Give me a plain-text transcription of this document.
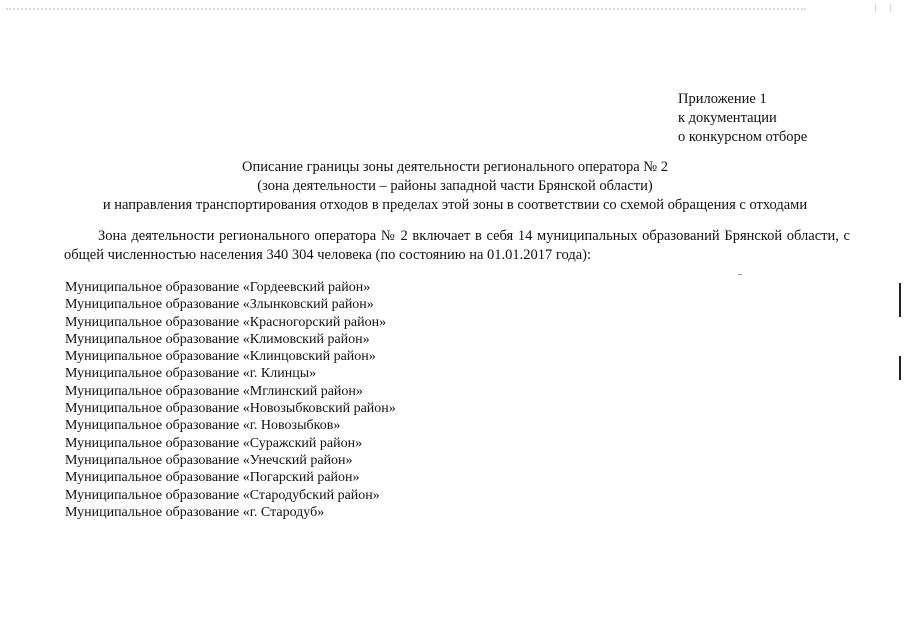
Приложение 1
к документации
о конкурсном отборе
Описание границы зоны деятельности регионального оператора № 2
(зона деятельности – районы западной части Брянской области)
и направления транспортирования отходов в пределах этой зоны в соответствии со схемой обращения с отходами

Зона деятельности регионального оператора № 2 включает в себя 14 муниципальных образований Брянской области, с общей численностью населения 340 304 человека (по состоянию на 01.01.2017 года):

Муниципальное образование «Гордеевский район»
Муниципальное образование «Злынковский район»
Муниципальное образование «Красногорский район»
Муниципальное образование «Климовский район»
Муниципальное образование «Клинцовский район»
Муниципальное образование «г. Клинцы»
Муниципальное образование «Мглинский район»
Муниципальное образование «Новозыбковский район»
Муниципальное образование «г. Новозыбков»
Муниципальное образование «Суражский район»
Муниципальное образование «Унечский район»
Муниципальное образование «Погарский район»
Муниципальное образование «Стародубский район»
Муниципальное образование «г. Стародуб»
